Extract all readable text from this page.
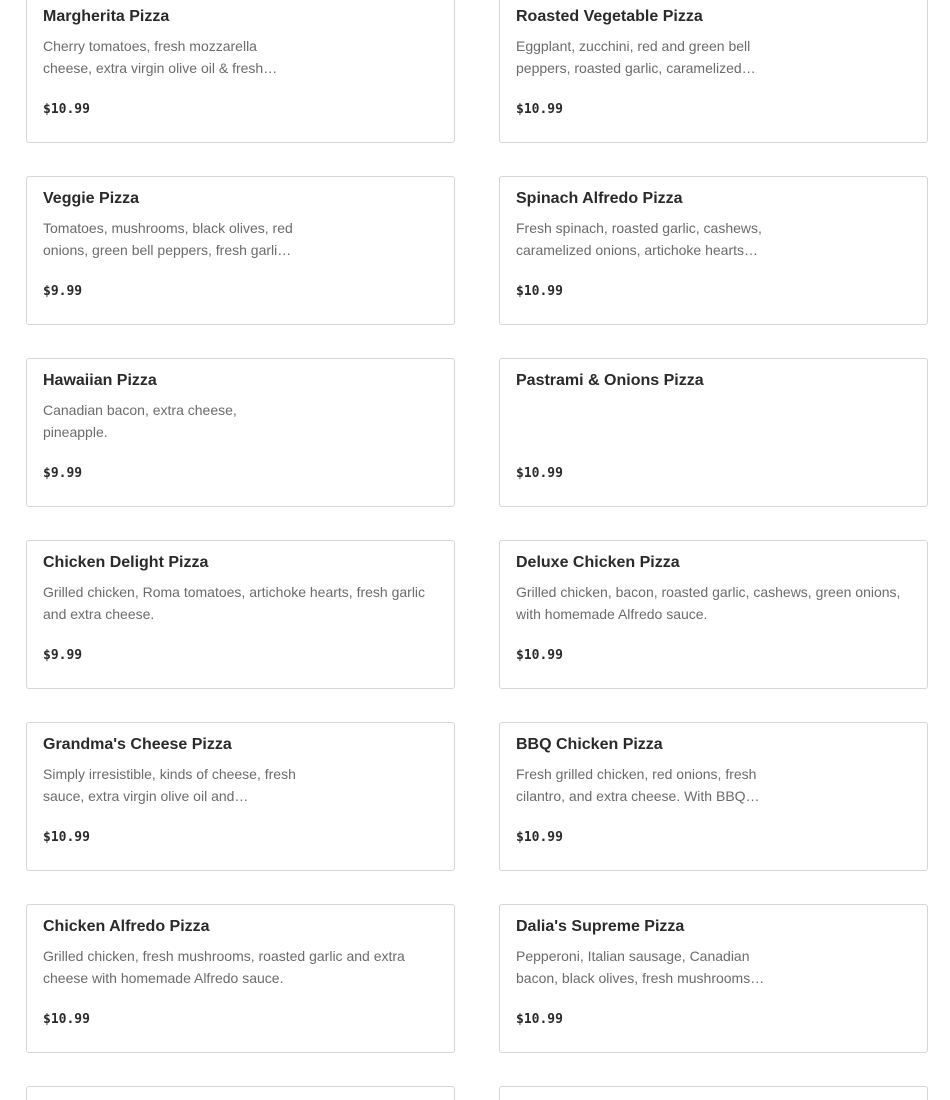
Margherita Pizza
Cherry tomatoes, fresh mozzarella cheese, extra virgin olive oil & fresh…
$10.99
Roasted Vegetable Pizza
Eggplant, zucchini, red and green bell peppers, roasted garlic, caramelized…
$10.99
Veggie Pizza
Tomatoes, mushrooms, black olives, red onions, green bell peppers, fresh garli…
$9.99
Spinach Alfredo Pizza
Fresh spinach, roasted garlic, cashews, caramelized onions, artichoke hearts…
$10.99
Hawaiian Pizza
Canadian bacon, extra cheese, pineapple.
$9.99
Pastrami & Onions Pizza
$10.99
Chicken Delight Pizza
Grilled chicken, Roma tomatoes, artichoke hearts, fresh garlic and extra cheese.
$9.99
Deluxe Chicken Pizza
Grilled chicken, bacon, roasted garlic, cashews, green onions, with homemade Alfredo sauce.
$10.99
Grandma's Cheese Pizza
Simply irresistible, kinds of cheese, fresh sauce, extra virgin olive oil and…
$10.99
BBQ Chicken Pizza
Fresh grilled chicken, red onions, fresh cilantro, and extra cheese. With BBQ…
$10.99
Chicken Alfredo Pizza
Grilled chicken, fresh mushrooms, roasted garlic and extra cheese with homemade Alfredo sauce.
$10.99
Dalia's Supreme Pizza
Pepperoni, Italian sausage, Canadian bacon, black olives, fresh mushrooms…
$10.99
